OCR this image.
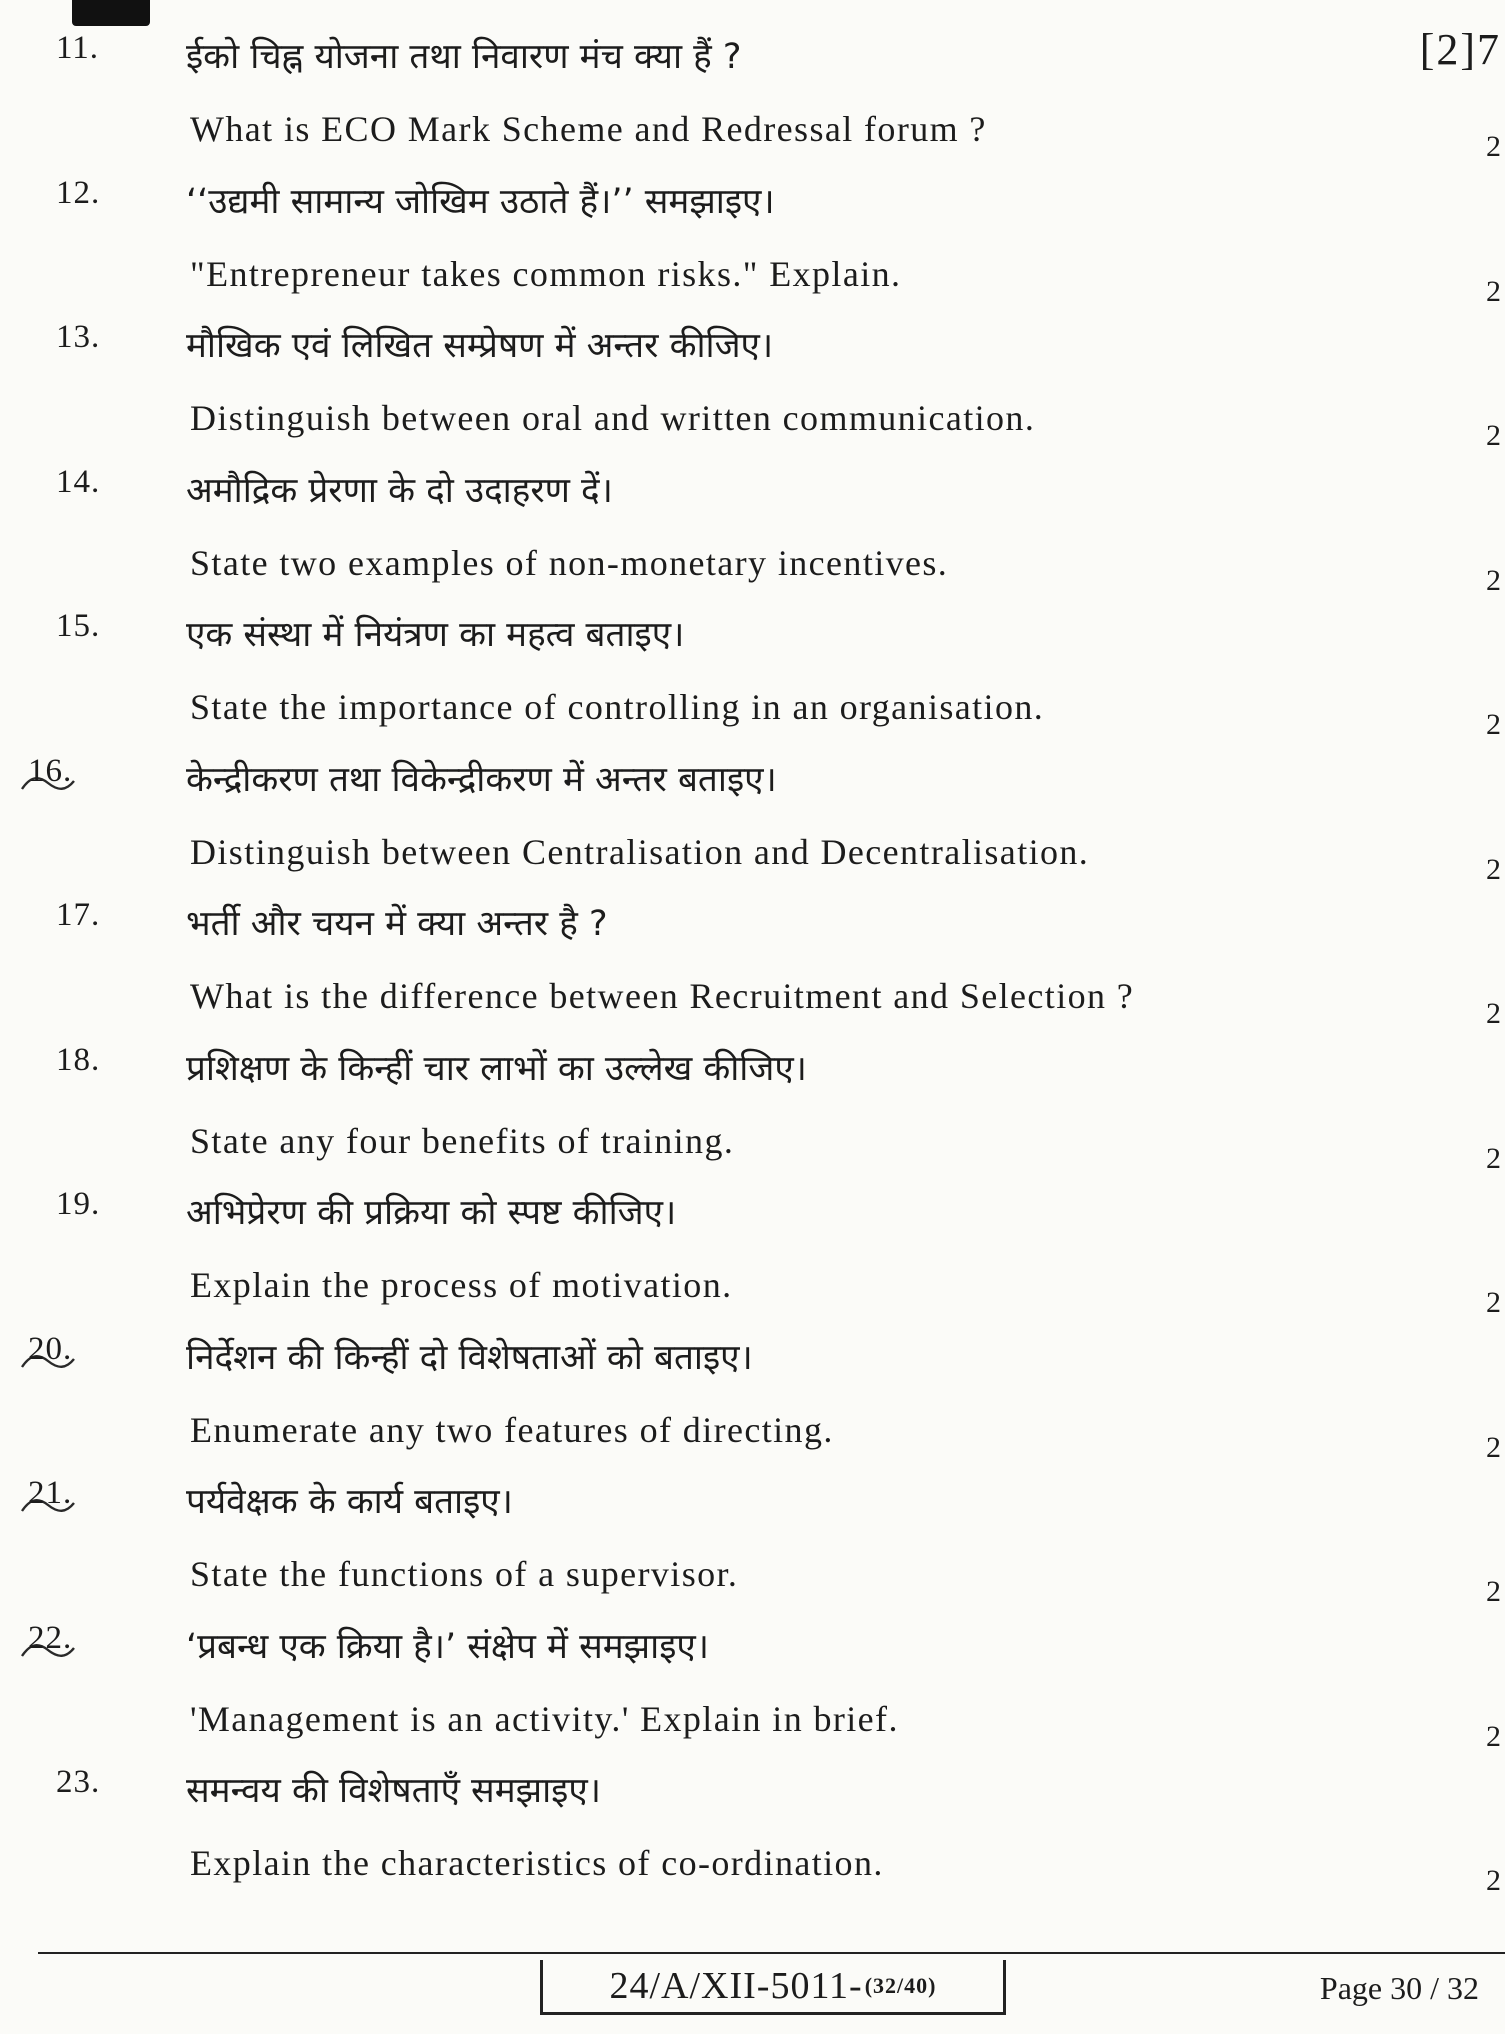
[2]7
11. ईको चिह्न योजना तथा निवारण मंच क्या हैं ?
What is ECO Mark Scheme and Redressal forum ?	2
12. ‘‘उद्यमी सामान्य जोखिम उठाते हैं।’’ समझाइए।
"Entrepreneur takes common risks." Explain.	2
13. मौखिक एवं लिखित सम्प्रेषण में अन्तर कीजिए।
Distinguish between oral and written communication.	2
14. अमौद्रिक प्रेरणा के दो उदाहरण दें।
State two examples of non-monetary incentives.	2
15. एक संस्था में नियंत्रण का महत्व बताइए।
State the importance of controlling in an organisation.	2
16.	केन्द्रीकरण तथा विकेन्द्रीकरण में अन्तर बताइए।
Distinguish between Centralisation and Decentralisation.	2
17. भर्ती और चयन में क्या अन्तर है ?
What is the difference between Recruitment and Selection ?	2
18. प्रशिक्षण के किन्हीं चार लाभों का उल्लेख कीजिए।
State any four benefits of training.	2
19. अभिप्रेरण की प्रक्रिया को स्पष्ट कीजिए।
Explain the process of motivation.	2
20.	निर्देशन की किन्हीं दो विशेषताओं को बताइए।
Enumerate any two features of directing.	2
21.	पर्यवेक्षक के कार्य बताइए।
State the functions of a supervisor.	2
22.	‘प्रबन्ध एक क्रिया है।’ संक्षेप में समझाइए।
'Management is an activity.' Explain in brief.	2
23. समन्वय की विशेषताएँ समझाइए।
Explain the characteristics of co-ordination.	2
24/A/XII-5011- (32/40)	Page 30 / 32
